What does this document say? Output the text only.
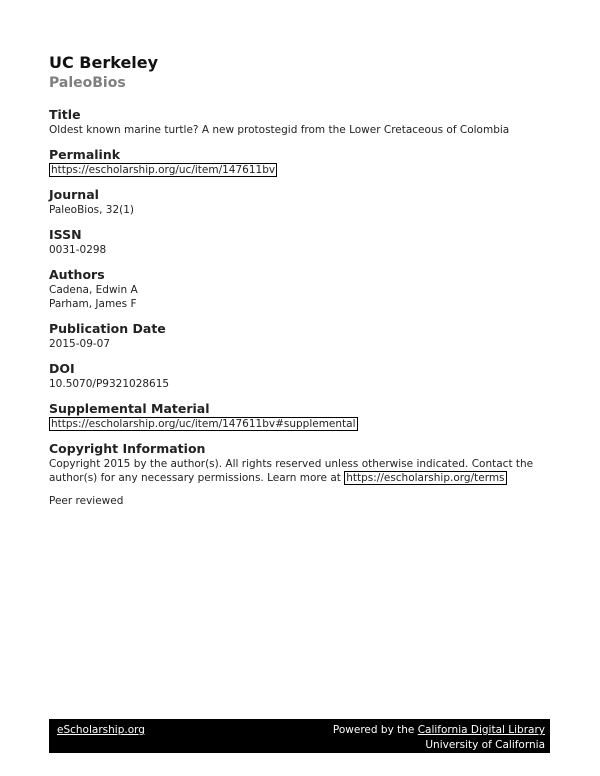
UC Berkeley
PaleoBios
Title
Oldest known marine turtle? A new protostegid from the Lower Cretaceous of Colombia
Permalink
https://escholarship.org/uc/item/147611bv
Journal
PaleoBios, 32(1)
ISSN
0031-0298
Authors
Cadena, Edwin A
Parham, James F
Publication Date
2015-09-07
DOI
10.5070/P9321028615
Supplemental Material
https://escholarship.org/uc/item/147611bv#supplemental
Copyright Information
Copyright 2015 by the author(s). All rights reserved unless otherwise indicated. Contact the
author(s) for any necessary permissions. Learn more at https://escholarship.org/terms
Peer reviewed
eScholarship.org	Powered by the California Digital Library
University of California
